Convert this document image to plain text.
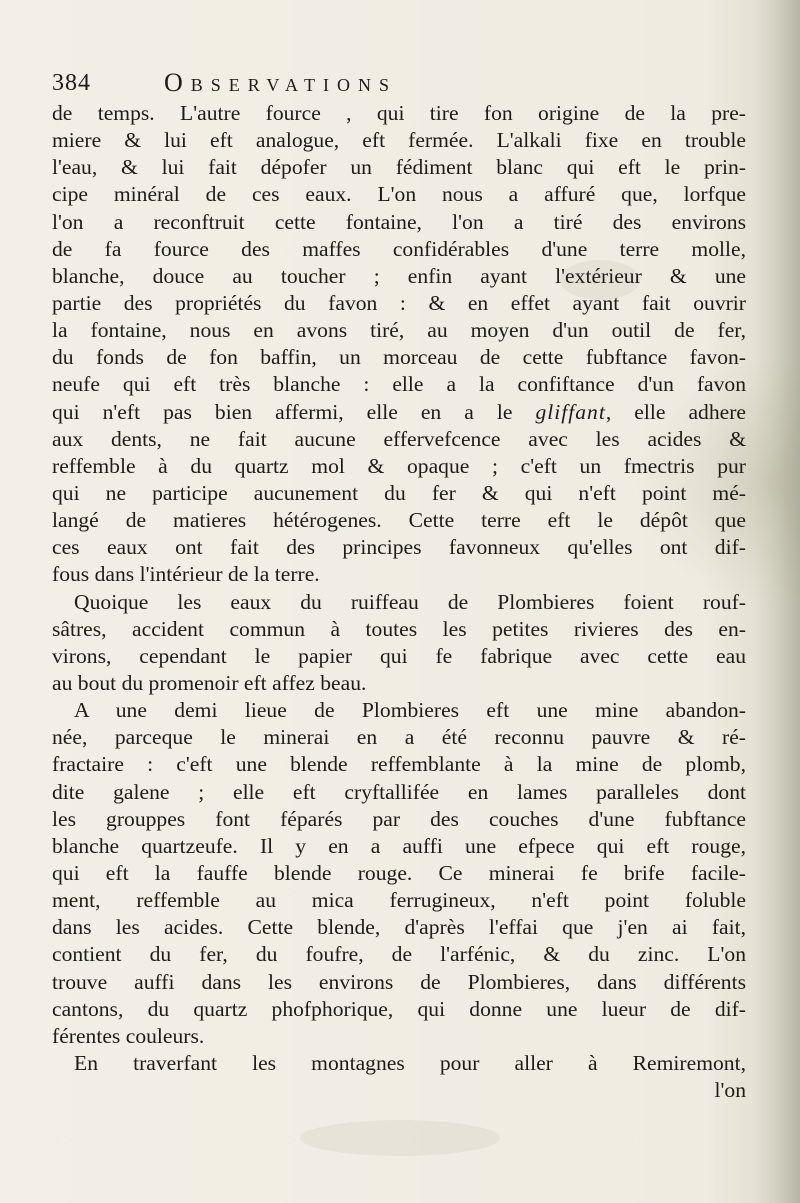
384	Observations
de temps. L'autre fource , qui tire fon origine de la pre-
miere & lui eft analogue, eft fermée. L'alkali fixe en trouble
l'eau, & lui fait dépofer un fédiment blanc qui eft le prin-
cipe minéral de ces eaux. L'on nous a affuré que, lorfque
l'on a reconftruit cette fontaine, l'on a tiré des environs
de fa fource des maffes confidérables d'une terre molle,
blanche, douce au toucher ; enfin ayant l'extérieur & une
partie des propriétés du favon : & en effet ayant fait ouvrir
la fontaine, nous en avons tiré, au moyen d'un outil de fer,
du fonds de fon baffin, un morceau de cette fubftance favon-
neufe qui eft très blanche : elle a la confiftance d'un favon
qui n'eft pas bien affermi, elle en a le gliffant, elle adhere
aux dents, ne fait aucune effervefcence avec les acides &
reffemble à du quartz mol & opaque ; c'eft un fmectris pur
qui ne participe aucunement du fer & qui n'eft point mé-
langé de matieres hétérogenes. Cette terre eft le dépôt que
ces eaux ont fait des principes favonneux qu'elles ont dif-
fous dans l'intérieur de la terre.
Quoique les eaux du ruiffeau de Plombieres foient rouf-
sâtres, accident commun à toutes les petites rivieres des en-
virons, cependant le papier qui fe fabrique avec cette eau
au bout du promenoir eft affez beau.
A une demi lieue de Plombieres eft une mine abandon-
née, parceque le minerai en a été reconnu pauvre & ré-
fractaire : c'eft une blende reffemblante à la mine de plomb,
dite galene ; elle eft cryftallifée en lames paralleles dont
les grouppes font féparés par des couches d'une fubftance
blanche quartzeufe. Il y en a auffi une efpece qui eft rouge,
qui eft la fauffe blende rouge. Ce minerai fe brife facile-
ment, reffemble au mica ferrugineux, n'eft point foluble
dans les acides. Cette blende, d'après l'effai que j'en ai fait,
contient du fer, du foufre, de l'arfénic, & du zinc. L'on
trouve auffi dans les environs de Plombieres, dans différents
cantons, du quartz phofphorique, qui donne une lueur de dif-
férentes couleurs.
En traverfant les montagnes pour aller à Remiremont,
l'on
